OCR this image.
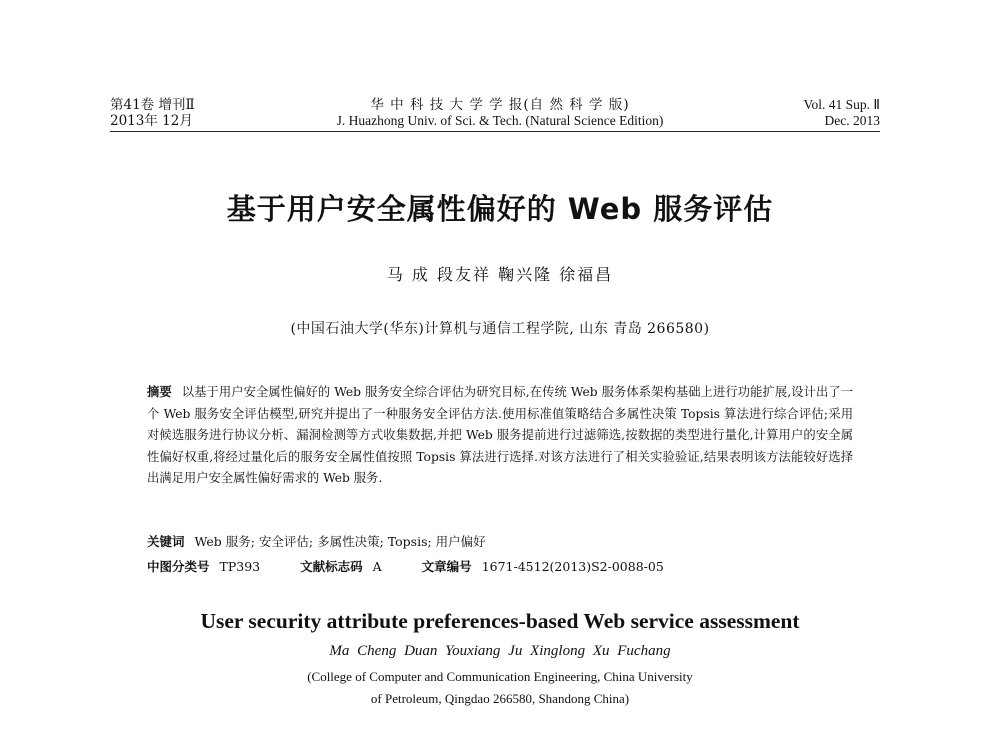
第41卷 增刊Ⅱ
2013年 12月
华 中 科 技 大 学 学 报(自 然 科 学 版)
J. Huazhong Univ. of Sci. & Tech. (Natural Science Edition)
Vol. 41 Sup. Ⅱ
Dec. 2013
基于用户安全属性偏好的 Web 服务评估
马 成 段友祥 鞠兴隆 徐福昌
(中国石油大学(华东)计算机与通信工程学院, 山东 青岛 266580)
摘要 以基于用户安全属性偏好的 Web 服务安全综合评估为研究目标,在传统 Web 服务体系架构基础上进行功能扩展,设计出了一个 Web 服务安全评估模型,研究并提出了一种服务安全评估方法.使用标准值策略结合多属性决策 Topsis 算法进行综合评估;采用对候选服务进行协议分析、漏洞检测等方式收集数据,并把 Web 服务提前进行过滤筛选,按数据的类型进行量化,计算用户的安全属性偏好权重,将经过量化后的服务安全属性值按照 Topsis 算法进行选择.对该方法进行了相关实验验证,结果表明该方法能较好选择出满足用户安全属性偏好需求的 Web 服务.
关键词 Web 服务; 安全评估; 多属性决策; Topsis; 用户偏好
中图分类号 TP393	文献标志码 A	文章编号 1671-4512(2013)S2-0088-05
User security attribute preferences-based Web service assessment
Ma Cheng Duan Youxiang Ju Xinglong Xu Fuchang
(College of Computer and Communication Engineering, China University
of Petroleum, Qingdao 266580, Shandong China)
